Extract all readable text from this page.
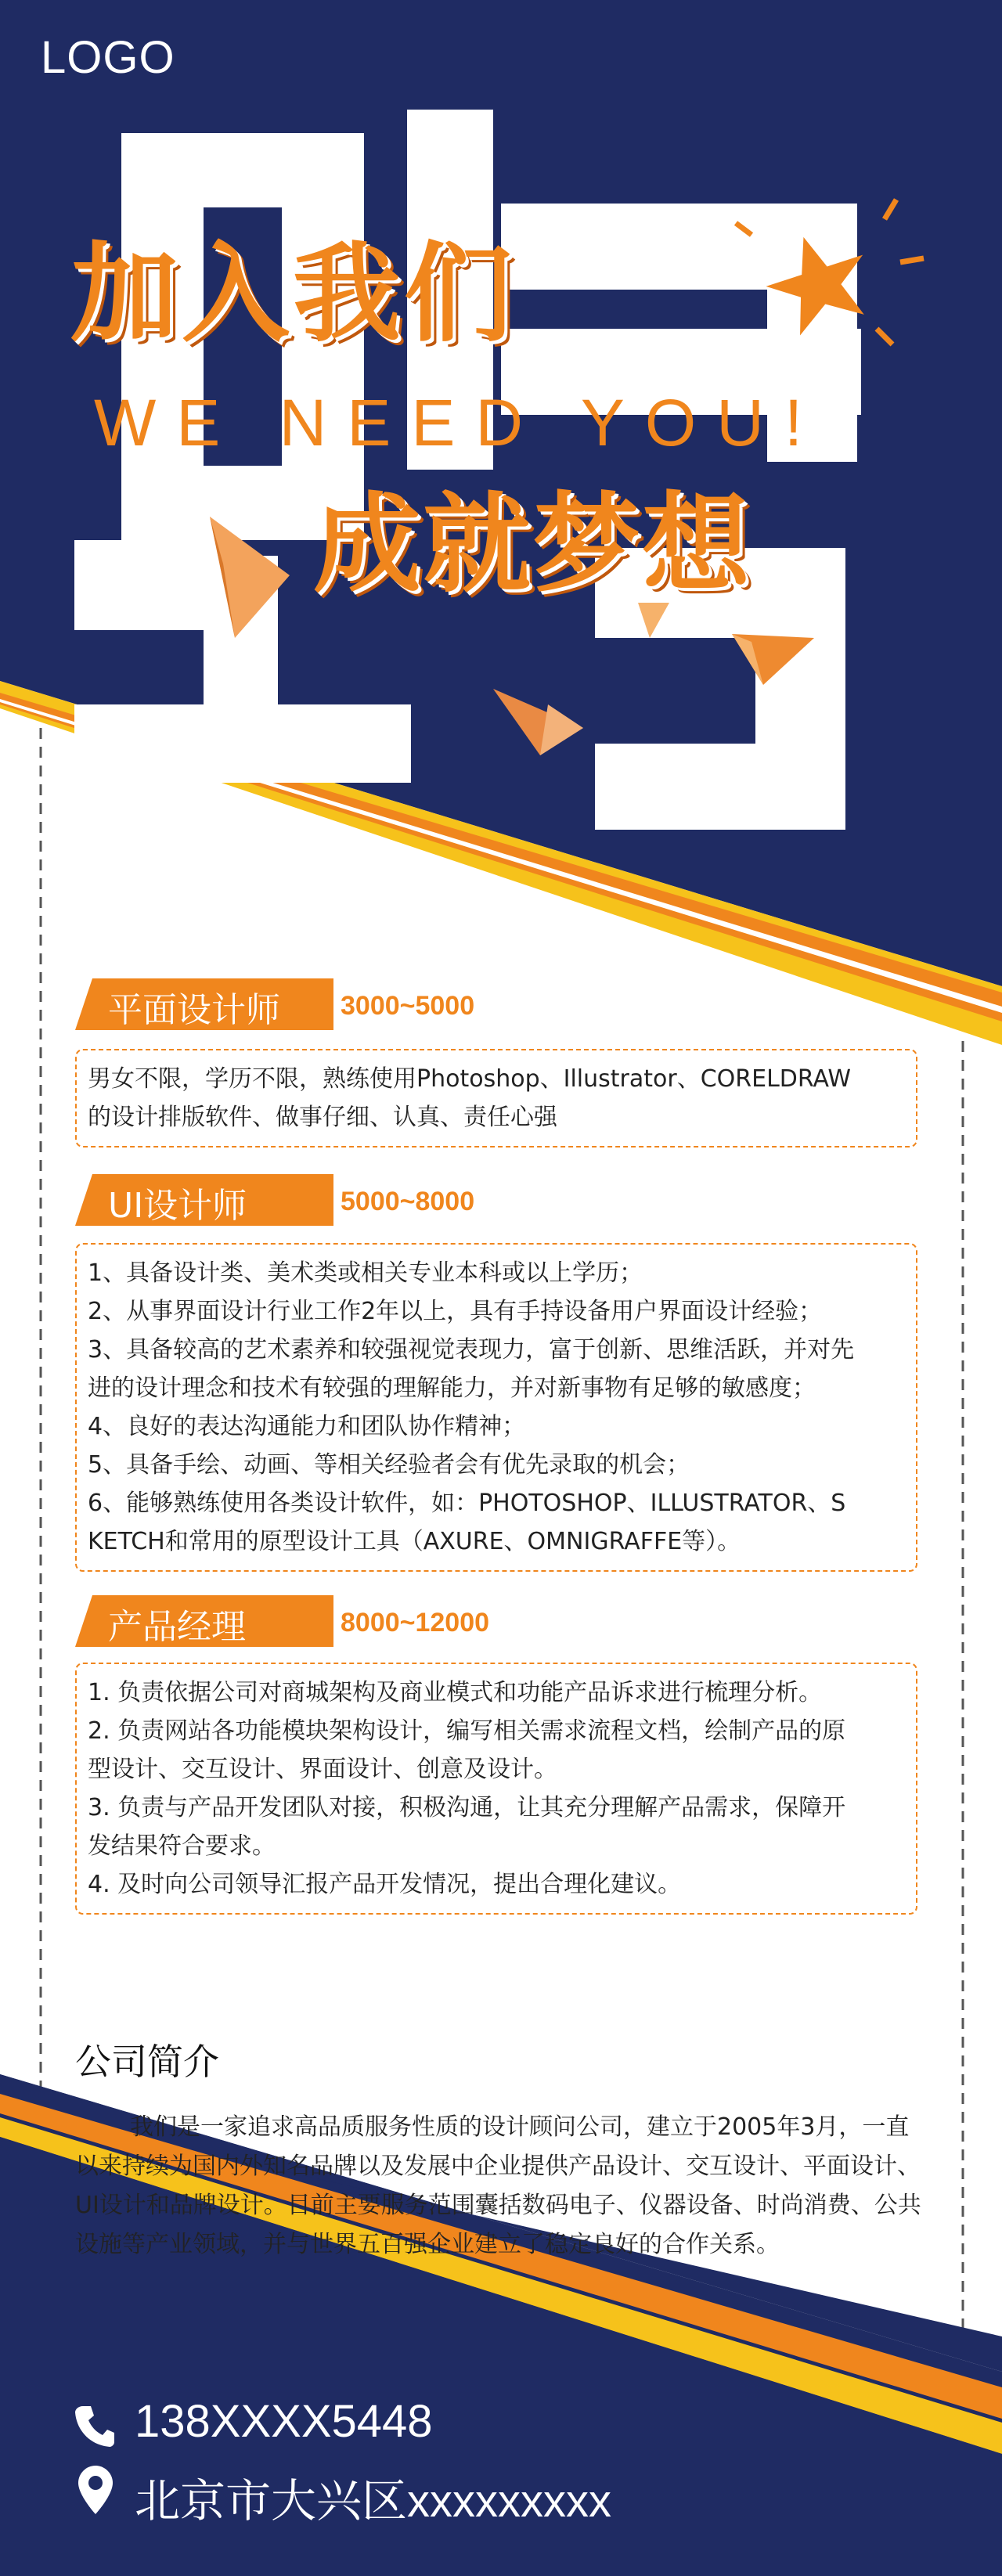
LOGO
加入我们
WE NEED YOU!
成就梦想
平面设计师 3000~5000
男女不限，学历不限，熟练使用Photoshop、Illustrator、CORELDRAW
的设计排版软件、做事仔细、认真、责任心强
UI设计师	5000~8000
1、具备设计类、美术类或相关专业本科或以上学历；
2、从事界面设计行业工作2年以上，具有手持设备用户界面设计经验；
3、具备较高的艺术素养和较强视觉表现力，富于创新、思维活跃，并对先
进的设计理念和技术有较强的理解能力，并对新事物有足够的敏感度；
4、良好的表达沟通能力和团队协作精神；
5、具备手绘、动画、等相关经验者会有优先录取的机会；
6、能够熟练使用各类设计软件，如：PHOTOSHOP、ILLUSTRATOR、S
KETCH和常用的原型设计工具（AXURE、OMNIGRAFFE等）。
产品经理	8000~12000
1. 负责依据公司对商城架构及商业模式和功能产品诉求进行梳理分析。
2. 负责网站各功能模块架构设计，编写相关需求流程文档，绘制产品的原
型设计、交互设计、界面设计、创意及设计。
3. 负责与产品开发团队对接，积极沟通，让其充分理解产品需求，保障开
发结果符合要求。
4. 及时向公司领导汇报产品开发情况，提出合理化建议。
公司简介
我们是一家追求高品质服务性质的设计顾问公司，建立于2005年3月，一直以来持续为国内外知名品牌以及发展中企业提供产品设计、交互设计、平面设计、UI设计和品牌设计。目前主要服务范围囊括数码电子、仪器设备、时尚消费、公共设施等产业领域，并与世界五百强企业建立了稳定良好的合作关系。
138XXXX5448
北京市大兴区xxxxxxxxx
